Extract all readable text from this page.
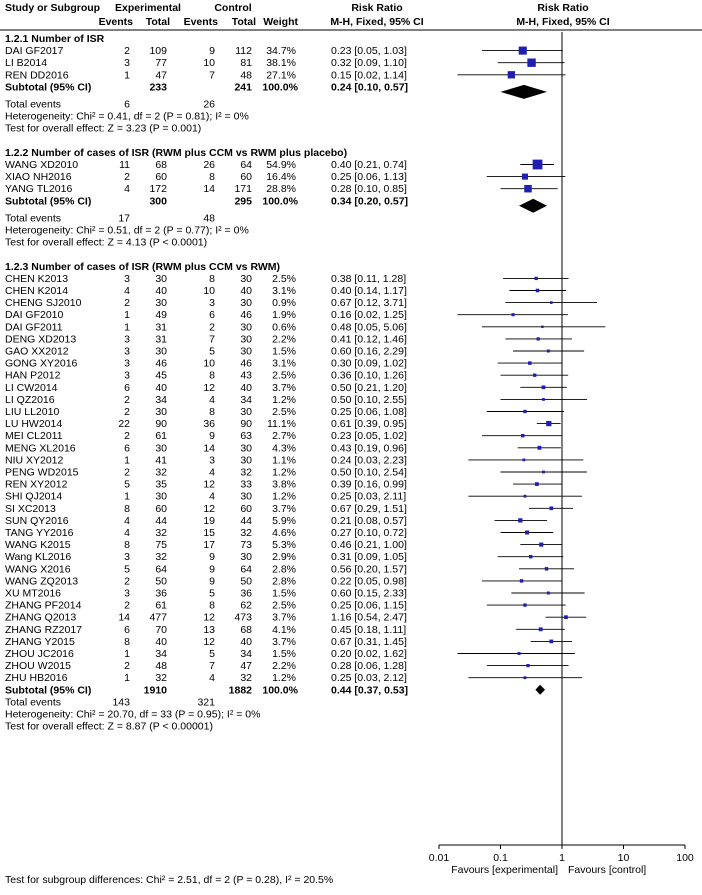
Study or Subgroup Experimental	Control
Events Total Events Total Weight
Risk Ratio
M-H, Fixed, 95% CI
Risk Ratio
M-H, Fixed, 95% CI
1.2.1 Number of ISR
DAI GF2017	2 109	9 112 34.7%	0.23 [0.05, 1.03]
LI B2014	3 77	10 81 38.1%	0.32 [0.09, 1.10]
REN DD2016	1 47	7 48 27.1%	0.15 [0.02, 1.14]
Subtotal (95% CI)	233	241 100.0%	0.24 [0.10, 0.57]
Total events	6	26
Heterogeneity: Chi² = 0.41, df = 2 (P = 0.81); I² = 0%
Test for overall effect: Z = 3.23 (P = 0.001)
1.2.2 Number of cases of ISR (RWM plus CCM vs RWM plus placebo)
WANG XD2010	11 68	26 64 54.9%	0.40 [0.21, 0.74]
XIAO NH2016	2 60	8 60 16.4%	0.25 [0.06, 1.13]
YANG TL2016	4 172	14 171 28.8%	0.28 [0.10, 0.85]
Subtotal (95% CI)	300	295 100.0%	0.34 [0.20, 0.57]
Total events	17	48
Heterogeneity: Chi² = 0.51, df = 2 (P = 0.77); I² = 0%
Test for overall effect: Z = 4.13 (P < 0.0001)
1.2.3 Number of cases of ISR (RWM plus CCM vs RWM)
CHEN K2013	3 30	8 30 2.5%	0.38 [0.11, 1.28]
CHEN K2014	4 40	10 40 3.1%	0.40 [0.14, 1.17]
CHENG SJ2010	2 30	3 30 0.9%	0.67 [0.12, 3.71]
DAI GF2010	1 49	6 46 1.9%	0.16 [0.02, 1.25]
DAI GF2011	1 31	2 30 0.6%	0.48 [0.05, 5.06]
DENG XD2013	3 31	7 30 2.2%	0.41 [0.12, 1.46]
GAO XX2012	3 30	5 30 1.5%	0.60 [0.16, 2.29]
GONG XY2016	3 46	10 46 3.1%	0.30 [0.09, 1.02]
HAN P2012	3 45	8 43 2.5%	0.36 [0.10, 1.26]
LI CW2014	6 40	12 40 3.7%	0.50 [0.21, 1.20]
LI QZ2016	2 34	4 34 1.2%	0.50 [0.10, 2.55]
LIU LL2010	2 30	8 30 2.5%	0.25 [0.06, 1.08]
LU HW2014	22 90	36 90 11.1%	0.61 [0.39, 0.95]
MEI CL2011	2 61	9 63 2.7%	0.23 [0.05, 1.02]
MENG XL2016	6 30	14 30 4.3%	0.43 [0.19, 0.96]
NIU XY2012	1 41	3 30 1.1%	0.24 [0.03, 2.23]
PENG WD2015	2 32	4 32 1.2%	0.50 [0.10, 2.54]
REN XY2012	5 35	12 33 3.8%	0.39 [0.16, 0.99]
SHI QJ2014	1 30	4 30 1.2%	0.25 [0.03, 2.11]
SI XC2013	8 60	12 60 3.7%	0.67 [0.29, 1.51]
SUN QY2016	4 44	19 44 5.9%	0.21 [0.08, 0.57]
TANG YY2016	4 32	15 32 4.6%	0.27 [0.10, 0.72]
WANG K2015	8 75	17 73 5.3%	0.46 [0.21, 1.00]
Wang KL2016	3 32	9 30 2.9%	0.31 [0.09, 1.05]
WANG X2016	5 64	9 64 2.8%	0.56 [0.20, 1.57]
WANG ZQ2013	2 50	9 50 2.8%	0.22 [0.05, 0.98]
XU MT2016	3 36	5 36 1.5%	0.60 [0.15, 2.33]
ZHANG PF2014	2 61	8 62 2.5%	0.25 [0.06, 1.15]
ZHANG Q2013	14 477	12 473 3.7%	1.16 [0.54, 2.47]
ZHANG RZ2017	6 70	13 68 4.1%	0.45 [0.18, 1.11]
ZHANG Y2015	8 40	12 40 3.7%	0.67 [0.31, 1.45]
ZHOU JC2016	1 34	5 34 1.5%	0.20 [0.02, 1.62]
ZHOU W2015	2 48	7 47 2.2%	0.28 [0.06, 1.28]
ZHU HB2016	1 32	4 32 1.2%	0.25 [0.03, 2.12]
Subtotal (95% CI)	1910	1882 100.0%	0.44 [0.37, 0.53]
Total events	143	321
Heterogeneity: Chi² = 20.70, df = 33 (P = 0.95); I² = 0%
Test for overall effect: Z = 8.87 (P < 0.00001)
0.01	0.1	1	10	100
Favours [experimental] Favours [control]
Test for subgroup differences: Chi² = 2.51, df = 2 (P = 0.28), I² = 20.5%
